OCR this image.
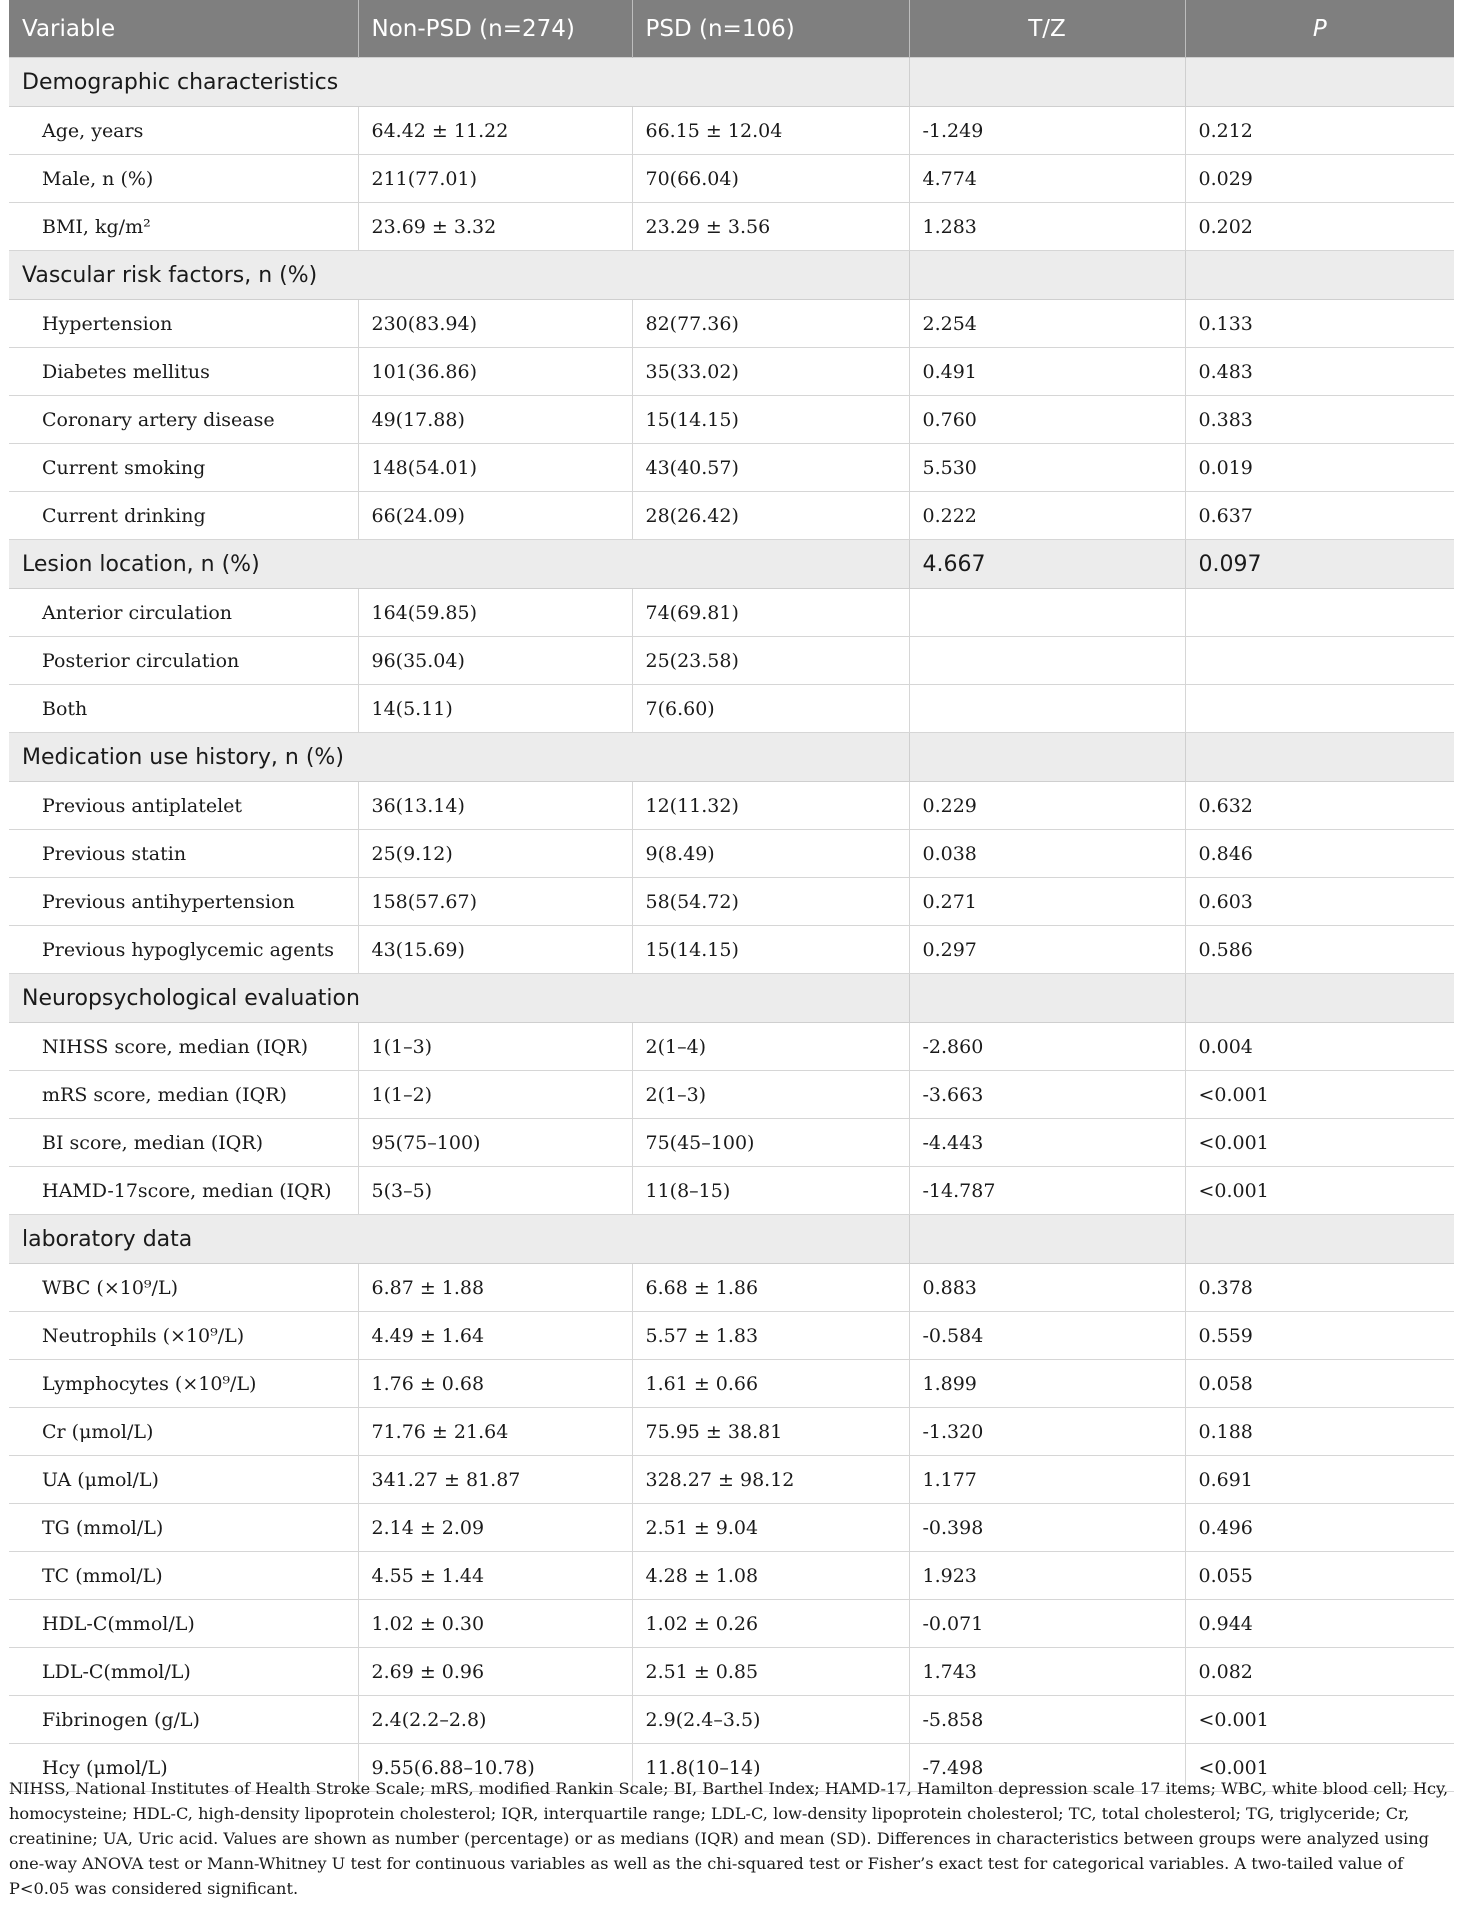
Variable	Non-PSD (n=274)	PSD (n=106)	T/Z	P
Demographic characteristics				
Age, years	64.42 ± 11.22	66.15 ± 12.04	-1.249	0.212
Male, n (%)	211(77.01)	70(66.04)	4.774	0.029
BMI, kg/m²	23.69 ± 3.32	23.29 ± 3.56	1.283	0.202
Vascular risk factors, n (%)				
Hypertension	230(83.94)	82(77.36)	2.254	0.133
Diabetes mellitus	101(36.86)	35(33.02)	0.491	0.483
Coronary artery disease	49(17.88)	15(14.15)	0.760	0.383
Current smoking	148(54.01)	43(40.57)	5.530	0.019
Current drinking	66(24.09)	28(26.42)	0.222	0.637
Lesion location, n (%)			4.667	0.097
Anterior circulation	164(59.85)	74(69.81)		
Posterior circulation	96(35.04)	25(23.58)		
Both	14(5.11)	7(6.60)		
Medication use history, n (%)				
Previous antiplatelet	36(13.14)	12(11.32)	0.229	0.632
Previous statin	25(9.12)	9(8.49)	0.038	0.846
Previous antihypertension	158(57.67)	58(54.72)	0.271	0.603
Previous hypoglycemic agents	43(15.69)	15(14.15)	0.297	0.586
Neuropsychological evaluation				
NIHSS score, median (IQR)	1(1–3)	2(1–4)	-2.860	0.004
mRS score, median (IQR)	1(1–2)	2(1–3)	-3.663	<0.001
BI score, median (IQR)	95(75–100)	75(45–100)	-4.443	<0.001
HAMD-17score, median (IQR)	5(3–5)	11(8–15)	-14.787	<0.001
laboratory data				
WBC (×10⁹/L)	6.87 ± 1.88	6.68 ± 1.86	0.883	0.378
Neutrophils (×10⁹/L)	4.49 ± 1.64	5.57 ± 1.83	-0.584	0.559
Lymphocytes (×10⁹/L)	1.76 ± 0.68	1.61 ± 0.66	1.899	0.058
Cr (μmol/L)	71.76 ± 21.64	75.95 ± 38.81	-1.320	0.188
UA (μmol/L)	341.27 ± 81.87	328.27 ± 98.12	1.177	0.691
TG (mmol/L)	2.14 ± 2.09	2.51 ± 9.04	-0.398	0.496
TC (mmol/L)	4.55 ± 1.44	4.28 ± 1.08	1.923	0.055
HDL-C(mmol/L)	1.02 ± 0.30	1.02 ± 0.26	-0.071	0.944
LDL-C(mmol/L)	2.69 ± 0.96	2.51 ± 0.85	1.743	0.082
Fibrinogen (g/L)	2.4(2.2–2.8)	2.9(2.4–3.5)	-5.858	<0.001
Hcy (μmol/L)	9.55(6.88–10.78)	11.8(10–14)	-7.498	<0.001
NIHSS, National Institutes of Health Stroke Scale; mRS, modified Rankin Scale; BI, Barthel Index; HAMD-17, Hamilton depression scale 17 items; WBC, white blood cell; Hcy, homocysteine; HDL-C, high-density lipoprotein cholesterol; IQR, interquartile range; LDL-C, low-density lipoprotein cholesterol; TC, total cholesterol; TG, triglyceride; Cr, creatinine; UA, Uric acid. Values are shown as number (percentage) or as medians (IQR) and mean (SD). Differences in characteristics between groups were analyzed using one-way ANOVA test or Mann-Whitney U test for continuous variables as well as the chi-squared test or Fisher’s exact test for categorical variables. A two-tailed value of P<0.05 was considered significant.
